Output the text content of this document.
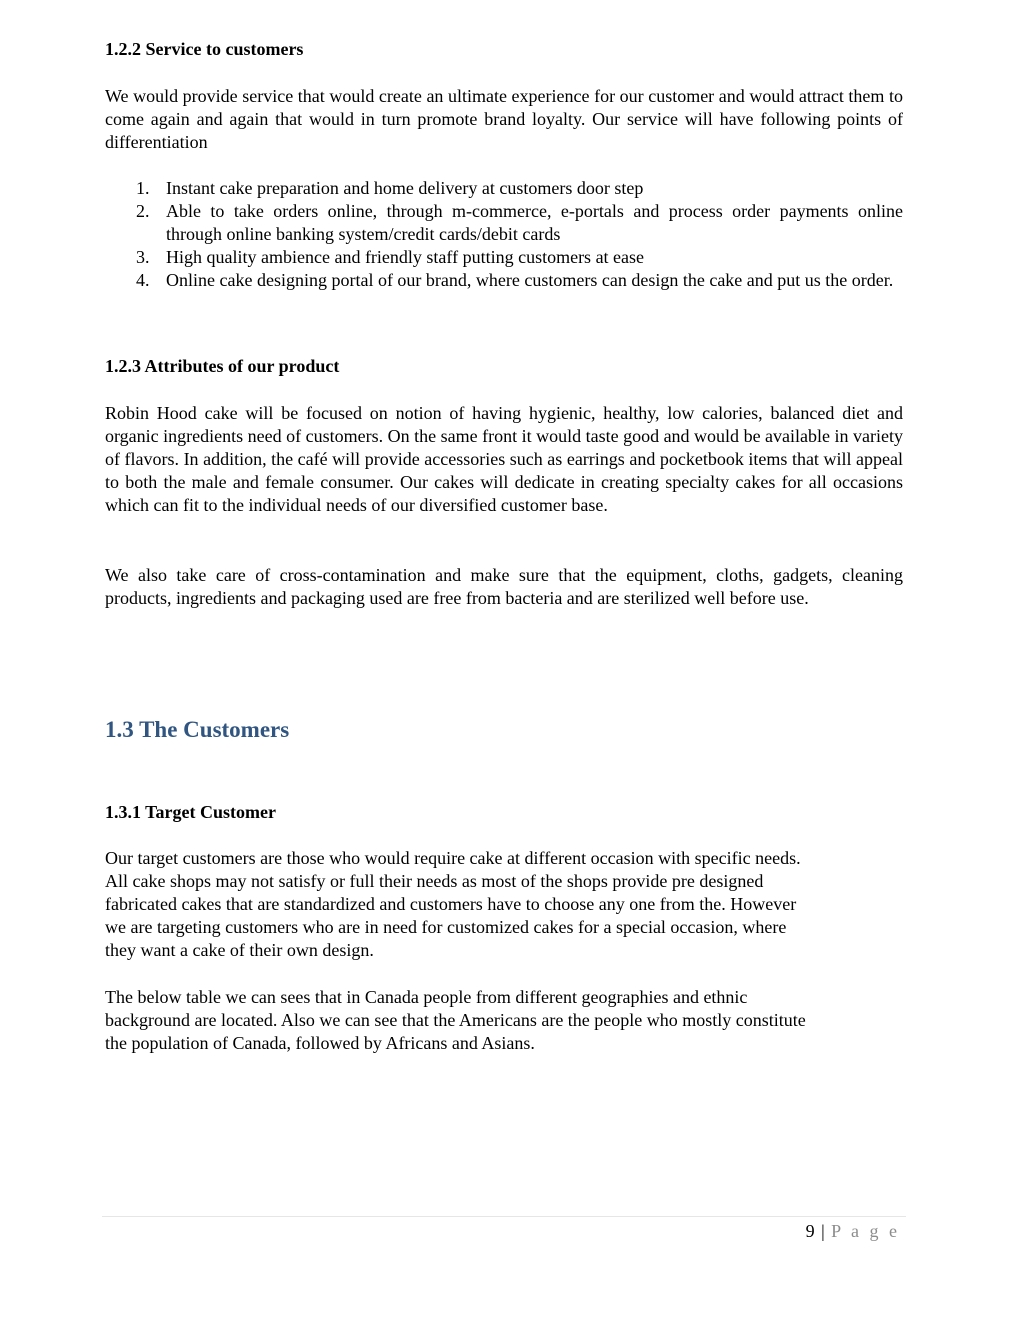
1.2.2 Service to customers

We would provide service that would create an ultimate experience for our customer and would attract them to come again and again that would in turn promote brand loyalty. Our service will have following points of differentiation

1. Instant cake preparation and home delivery at customers door step
2. Able to take orders online, through m-commerce, e-portals and process order payments online through online banking system/credit cards/debit cards
3. High quality ambience and friendly staff putting customers at ease
4. Online cake designing portal of our brand, where customers can design the cake and put us the order.
1.2.3 Attributes of our product

Robin Hood cake will be focused on notion of having hygienic, healthy, low calories, balanced diet and organic ingredients need of customers. On the same front it would taste good and would be available in variety of flavors. In addition, the café will provide accessories such as earrings and pocketbook items that will appeal to both the male and female consumer. Our cakes will dedicate in creating specialty cakes for all occasions which can fit to the individual needs of our diversified customer base.

We also take care of cross-contamination and make sure that the equipment, cloths, gadgets, cleaning products, ingredients and packaging used are free from bacteria and are sterilized well before use.

1.3 The Customers
1.3.1 Target Customer
Our target customers are those who would require cake at different occasion with specific needs.
All cake shops may not satisfy or full their needs as most of the shops provide pre designed
fabricated cakes that are standardized and customers have to choose any one from the. However
we are targeting customers who are in need for customized cakes for a special occasion, where
they want a cake of their own design.
The below table we can sees that in Canada people from different geographies and ethnic
background are located. Also we can see that the Americans are the people who mostly constitute
the population of Canada, followed by Africans and Asians.
9 | P a g e
